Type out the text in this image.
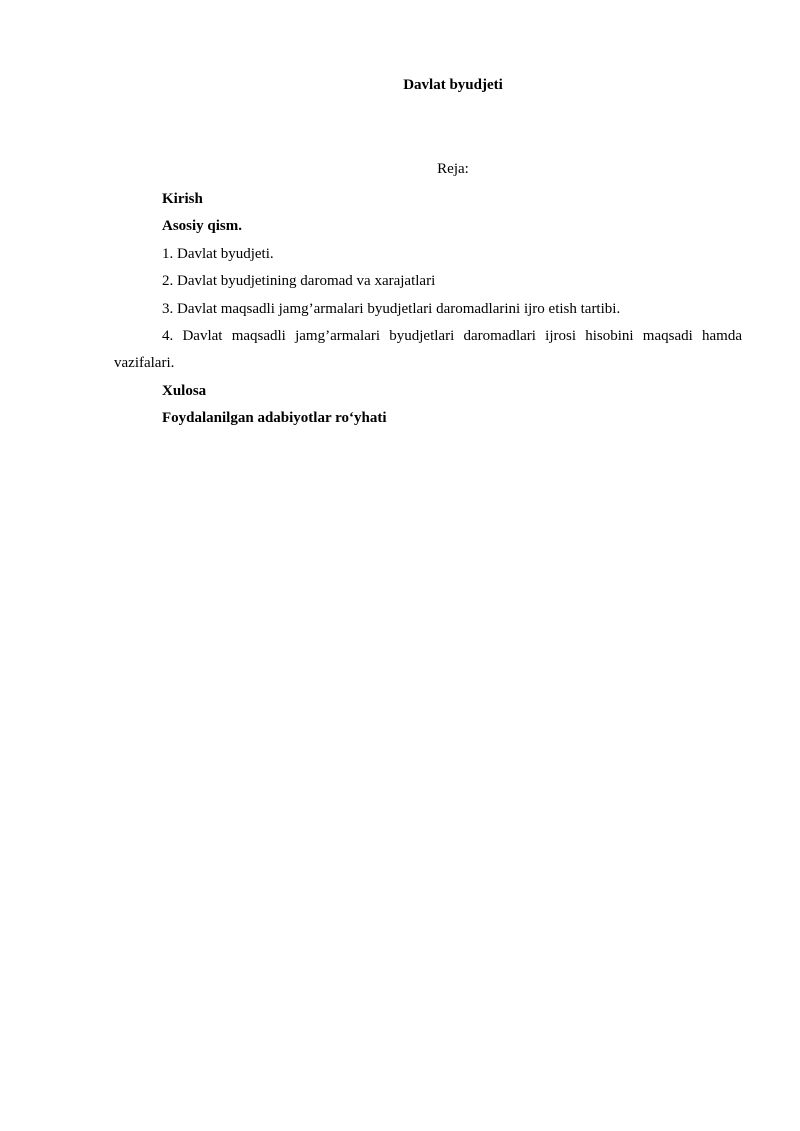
Davlat byudjeti
Reja:

Kirish

Asosiy qism.

1. Davlat byudjeti.

2. Davlat byudjetining daromad va xarajatlari

3. Davlat maqsadli jamg’armalari byudjetlari daromadlarini ijro etish tartibi.

4. Davlat maqsadli jamg’armalari byudjetlari daromadlari ijrosi hisobini maqsadi hamda vazifalari.

Xulosa

Foydalanilgan adabiyotlar ro‘yhati
